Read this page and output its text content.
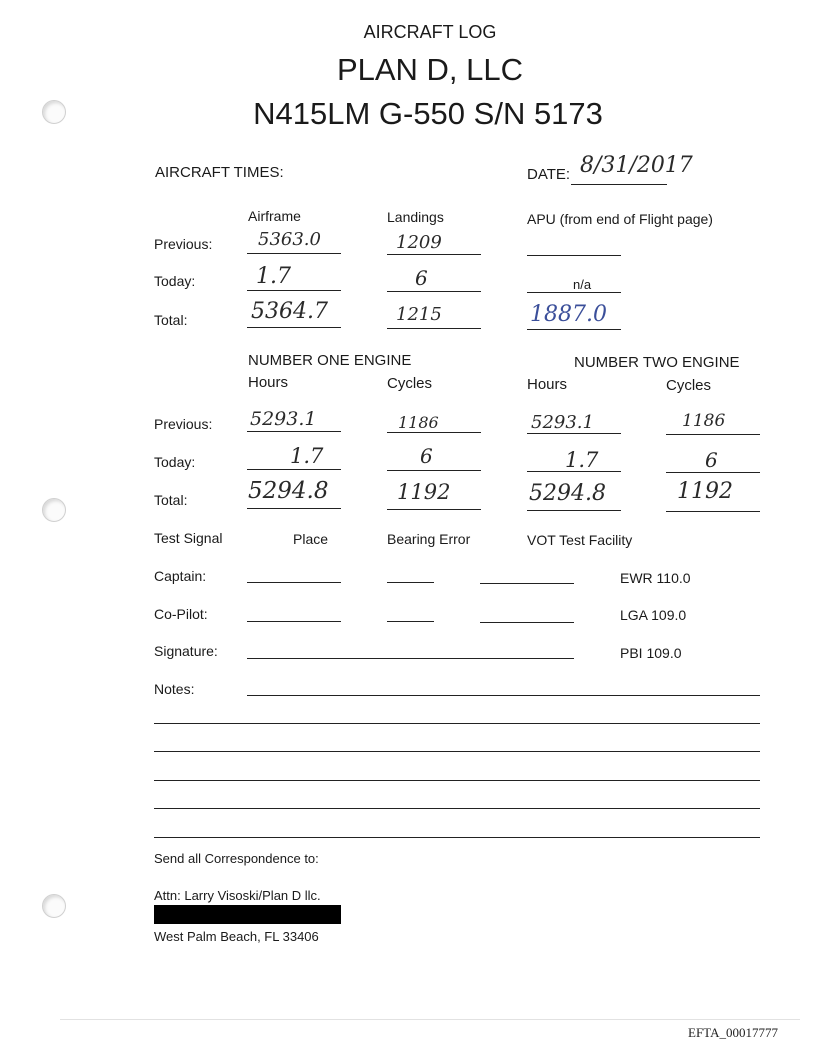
AIRCRAFT LOG
PLAN D, LLC
N415LM G-550 S/N 5173
AIRCRAFT TIMES:	DATE: 8/31/2017
Airframe	Landings	APU (from end of Flight page)
Previous:	5363.0	1209
Today:	1.7	6	n/a
Total:	5364.7	1215	1887.0
NUMBER ONE ENGINE	NUMBER TWO ENGINE
Hours	Cycles	Hours	Cycles
Previous: 5293.1	1186	5293.1	1186
Today:	1.7	6	1.7	6
Total:	5294.8	1192	5294.8	1192
Test Signal	Place	Bearing Error	VOT Test Facility
Captain:	EWR 110.0
Co-Pilot:	LGA 109.0
Signature:	PBI 109.0
Notes:
Send all Correspondence to:
Attn: Larry Visoski/Plan D llc.
West Palm Beach, FL 33406
EFTA_00017777
